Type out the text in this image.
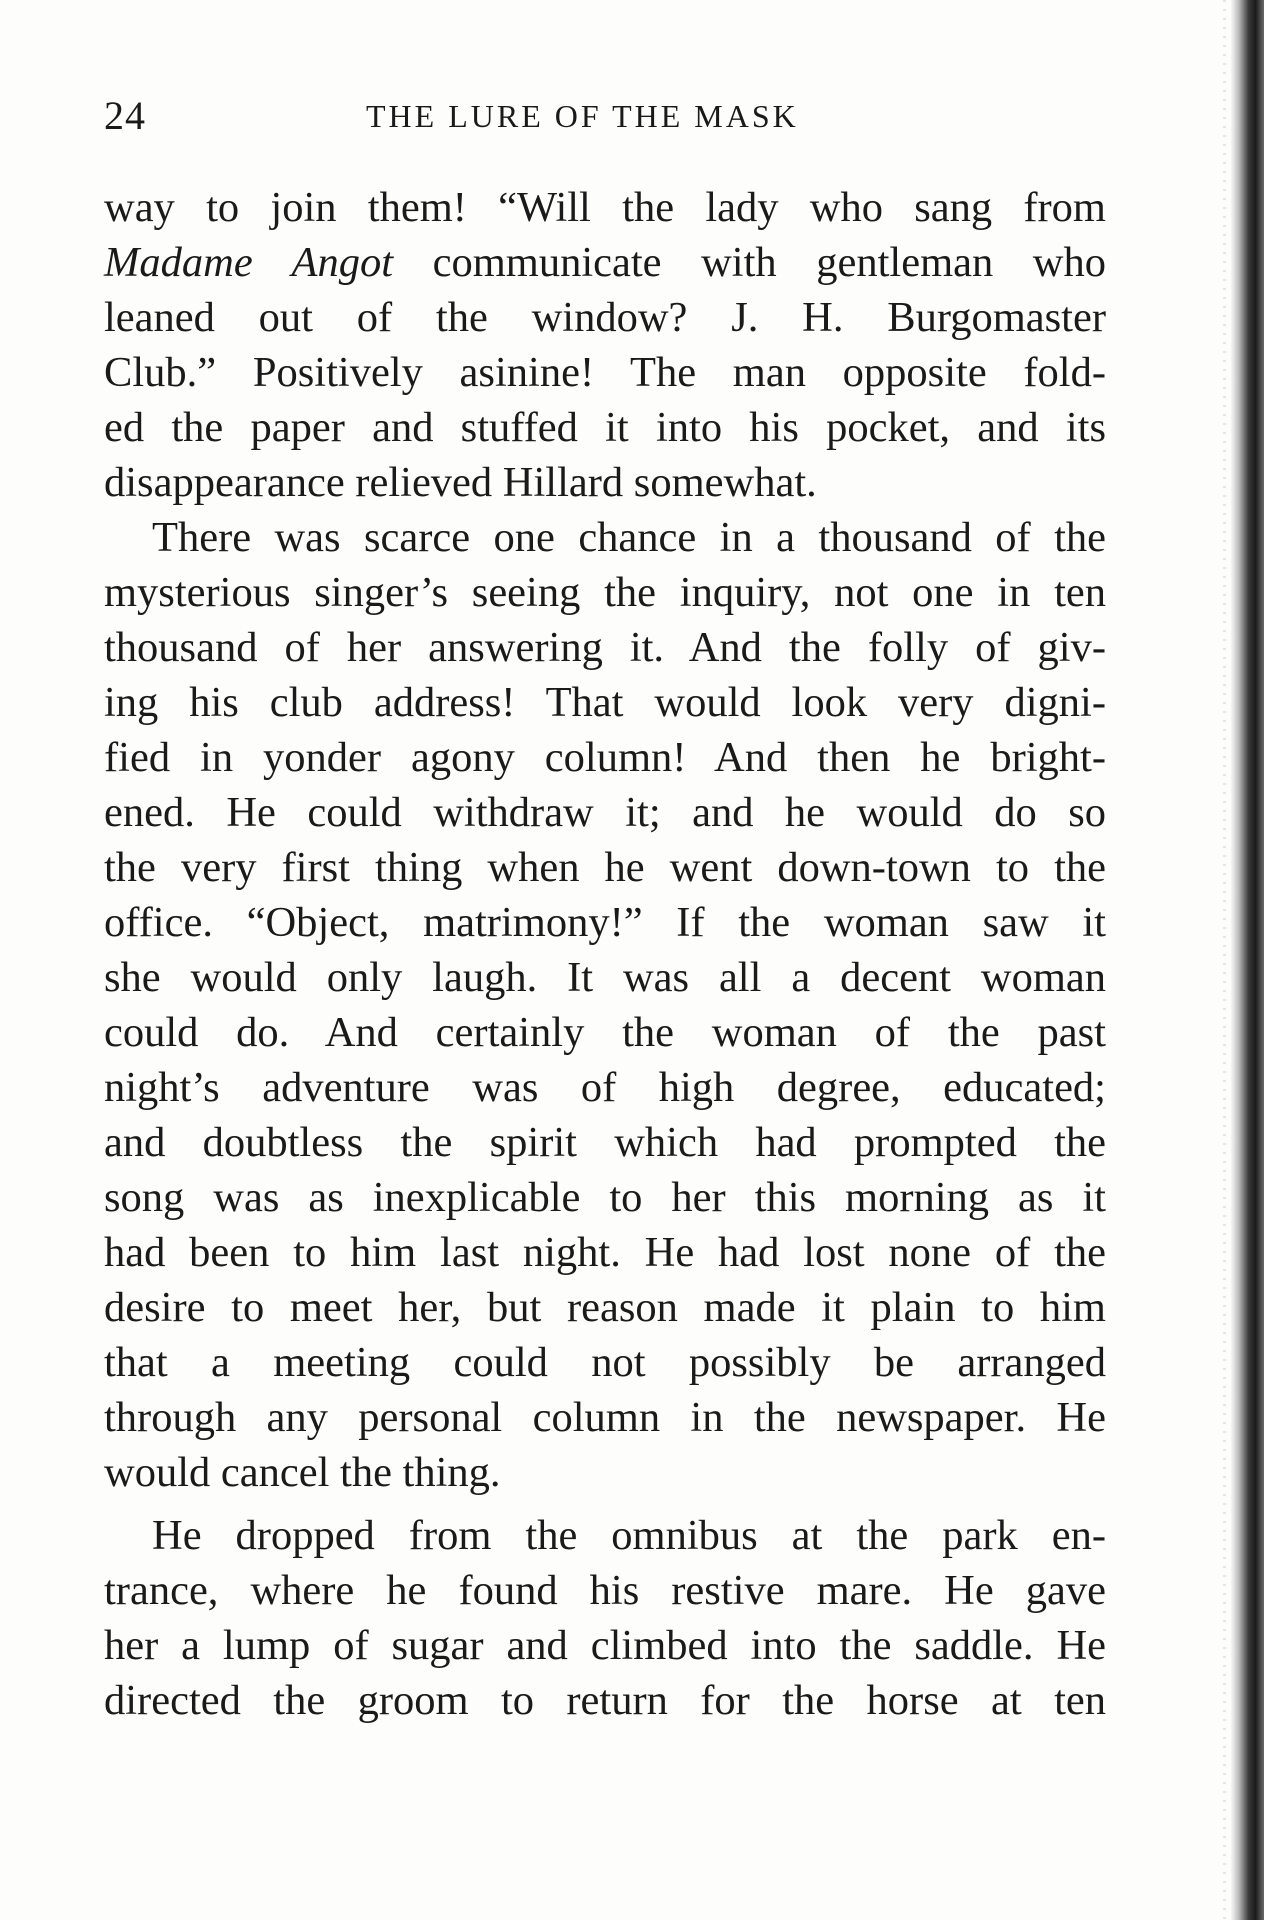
24	THE LURE OF THE MASK
way to join them! “Will the lady who sang from
Madame Angot communicate with gentleman who
leaned out of the window? J. H. Burgomaster
Club.” Positively asinine! The man opposite fold-
ed the paper and stuffed it into his pocket, and its
disappearance relieved Hillard somewhat.
There was scarce one chance in a thousand of the
mysterious singer’s seeing the inquiry, not one in ten
thousand of her answering it. And the folly of giv-
ing his club address! That would look very digni-
fied in yonder agony column! And then he bright-
ened. He could withdraw it; and he would do so
the very first thing when he went down-town to the
office. “Object, matrimony!” If the woman saw it
she would only laugh. It was all a decent woman
could do. And certainly the woman of the past
night’s adventure was of high degree, educated;
and doubtless the spirit which had prompted the
song was as inexplicable to her this morning as it
had been to him last night. He had lost none of the
desire to meet her, but reason made it plain to him
that a meeting could not possibly be arranged
through any personal column in the newspaper. He
would cancel the thing.
He dropped from the omnibus at the park en-
trance, where he found his restive mare. He gave
her a lump of sugar and climbed into the saddle. He
directed the groom to return for the horse at ten
